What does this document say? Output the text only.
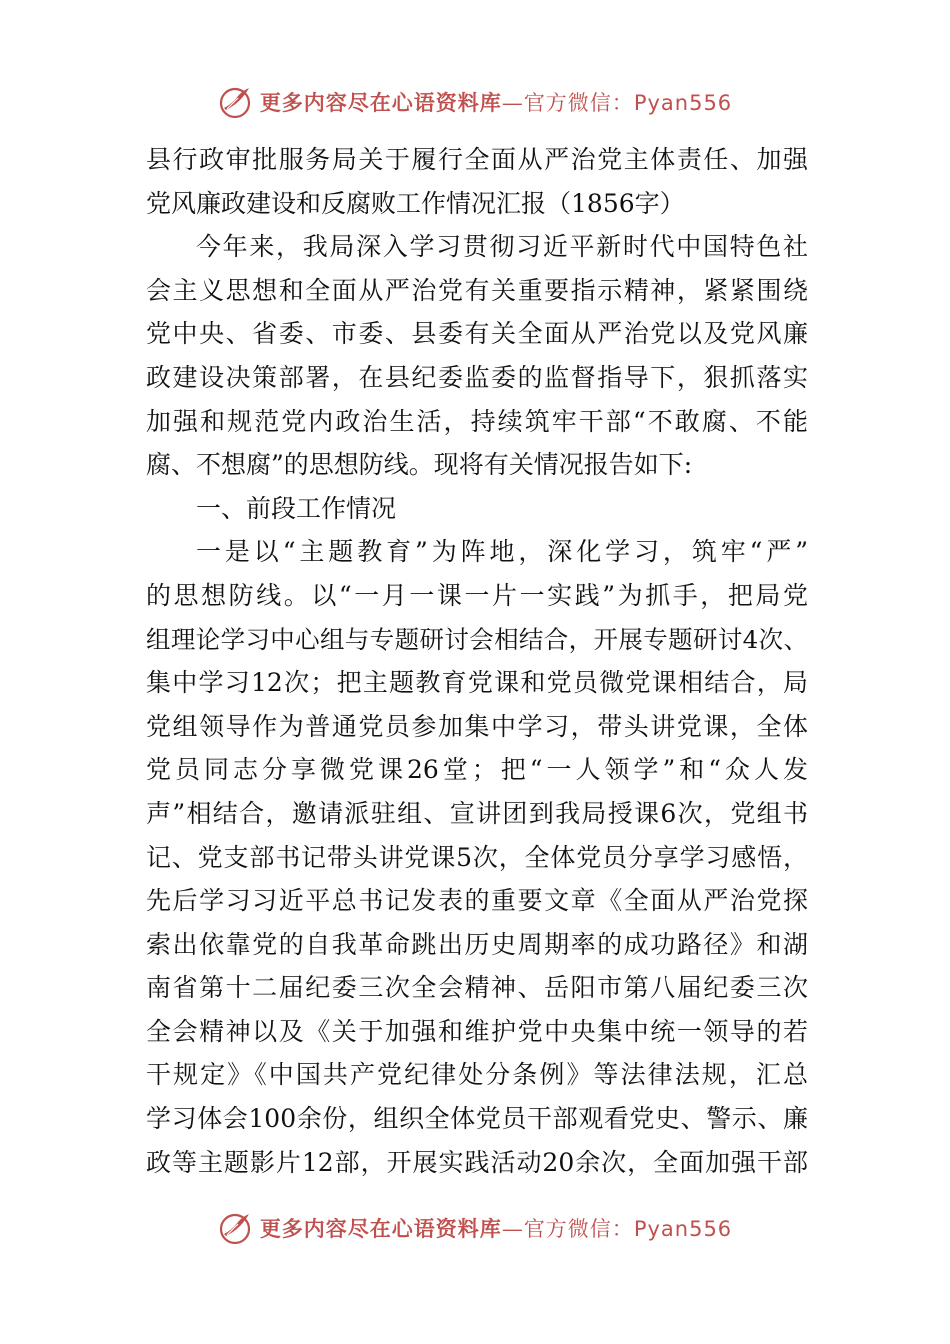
更多内容尽在心语资料库—官方微信：Pyan556
县行政审批服务局关于履行全面从严治党主体责任、加强
党风廉政建设和反腐败工作情况汇报（1856字）
今年来，我局深入学习贯彻习近平新时代中国特色社
会主义思想和全面从严治党有关重要指示精神，紧紧围绕
党中央、省委、市委、县委有关全面从严治党以及党风廉
政建设决策部署，在县纪委监委的监督指导下，狠抓落实
加强和规范党内政治生活，持续筑牢干部“不敢腐、不能
腐、不想腐”的思想防线。现将有关情况报告如下:
一、前段工作情况
一是以“主题教育”为阵地，深化学习，筑牢“严”
的思想防线。以“一月一课一片一实践”为抓手，把局党
组理论学习中心组与专题研讨会相结合，开展专题研讨4次、
集中学习12次；把主题教育党课和党员微党课相结合，局
党组领导作为普通党员参加集中学习，带头讲党课，全体
党员同志分享微党课26堂；把“一人领学”和“众人发
声”相结合，邀请派驻组、宣讲团到我局授课6次，党组书
记、党支部书记带头讲党课5次，全体党员分享学习感悟，
先后学习习近平总书记发表的重要文章《全面从严治党探
索出依靠党的自我革命跳出历史周期率的成功路径》和湖
南省第十二届纪委三次全会精神、岳阳市第八届纪委三次
全会精神以及《关于加强和维护党中央集中统一领导的若
干规定》《中国共产党纪律处分条例》等法律法规，汇总
学习体会100余份，组织全体党员干部观看党史、警示、廉
政等主题影片12部，开展实践活动20余次，全面加强干部
更多内容尽在心语资料库—官方微信：Pyan556
